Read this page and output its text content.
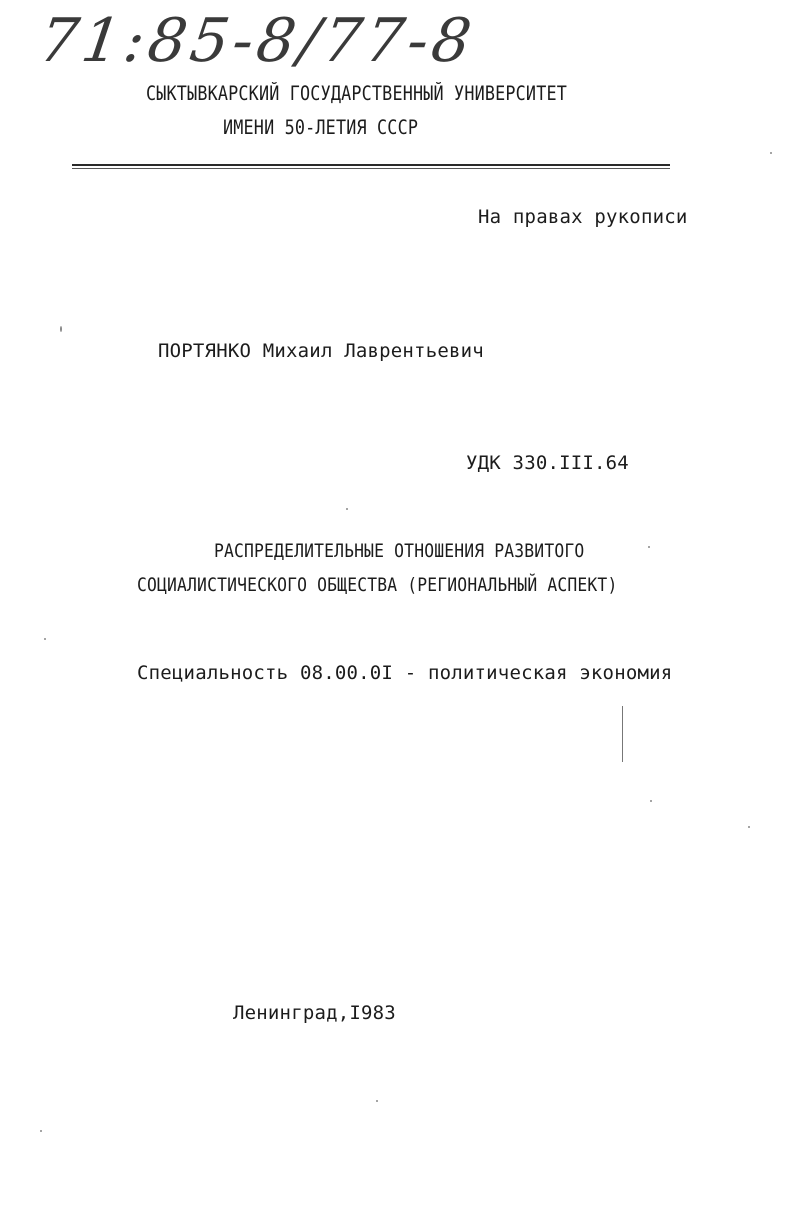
71:85-8/77-8
СЫКТЫВКАРСКИЙ ГОСУДАРСТВЕННЫЙ УНИВЕРСИТЕТ
ИМЕНИ 50-ЛЕТИЯ СССР
На правах рукописи
ПОРТЯНКО Михаил Лаврентьевич
УДК 330.III.64
РАСПРЕДЕЛИТЕЛЬНЫЕ ОТНОШЕНИЯ РАЗВИТОГО
СОЦИАЛИСТИЧЕСКОГО ОБЩЕСТВА (РЕГИОНАЛЬНЫЙ АСПЕКТ)
Специальность 08.00.0I - политическая экономия
Ленинград,I983
